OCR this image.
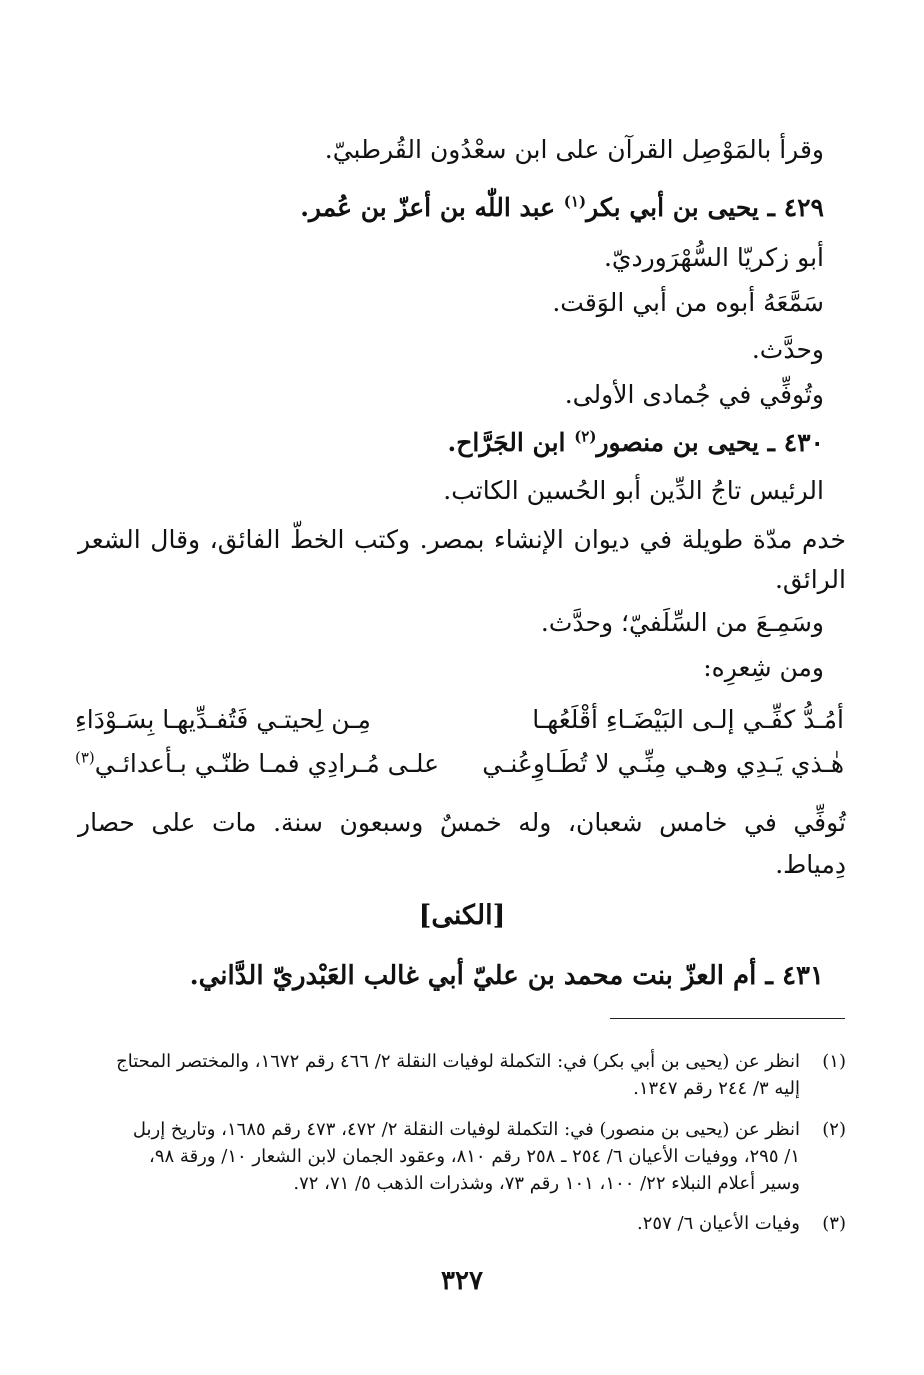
وقرأ بالمَوْصِل القرآن على ابن سعْدُون القُرطبيّ.
٤٢٩ ـ يحيى بن أبي بكر$^{(١)}$ عبد اللّٰه بن أعزّ بن عُمر.
أبو زكريّا السُّهْرَورديّ.
سَمَّعَهُ أبوه من أبي الوَقت.
وحدَّث.
وتُوفِّي في جُمادى الأولى.
٤٣٠ ـ يحيى بن منصور$^{(٢)}$ ابن الجَرَّاح.
الرئيس تاجُ الدِّين أبو الحُسين الكاتب.
خدم مدّة طويلة في ديوان الإنشاء بمصر. وكتب الخطّ الفائق، وقال الشعر
الرائق.
وسَمِـعَ من السِّلَفيّ؛ وحدَّث.
ومن شِعرِه:
أمُـدُّ كفِّـي إلـى البَيْضَـاءِ أقْلَعُهـا
مِـن لِحيتـي فَتُفـدِّيهـا بِسَـوْدَاءِ
هٰـذي يَـدِي وهـي مِنِّـي لا تُطَـاوِعُنـي
علـى مُـرادِي فمـا ظنّـي بـأعدائـي$^{(٣)}$
تُوفِّي في خامس شعبان، وله خمسٌ وسبعون سنة. مات على حصار
دِمياط.
[الكنى]
٤٣١ ـ أم العزّ بنت محمد بن عليّ أبي غالب العَبْدريّ الدَّاني.
(١)
انظر عن (يحيى بن أبي بكر) في: التكملة لوفيات النقلة ٢/ ٤٦٦ رقم ١٦٧٢، والمختصر المحتاج
إليه ٣/ ٢٤٤ رقم ١٣٤٧.
(٢)
انظر عن (يحيى بن منصور) في: التكملة لوفيات النقلة ٢/ ٤٧٢، ٤٧٣ رقم ١٦٨٥، وتاريخ إربل
١/ ٢٩٥، ووفيات الأعيان ٦/ ٢٥٤ ـ ٢٥٨ رقم ٨١٠، وعقود الجمان لابن الشعار ١٠/ ورقة ٩٨،
وسير أعلام النبلاء ٢٢/ ١٠٠، ١٠١ رقم ٧٣، وشذرات الذهب ٥/ ٧١، ٧٢.
(٣)
وفيات الأعيان ٦/ ٢٥٧.
٣٢٧
